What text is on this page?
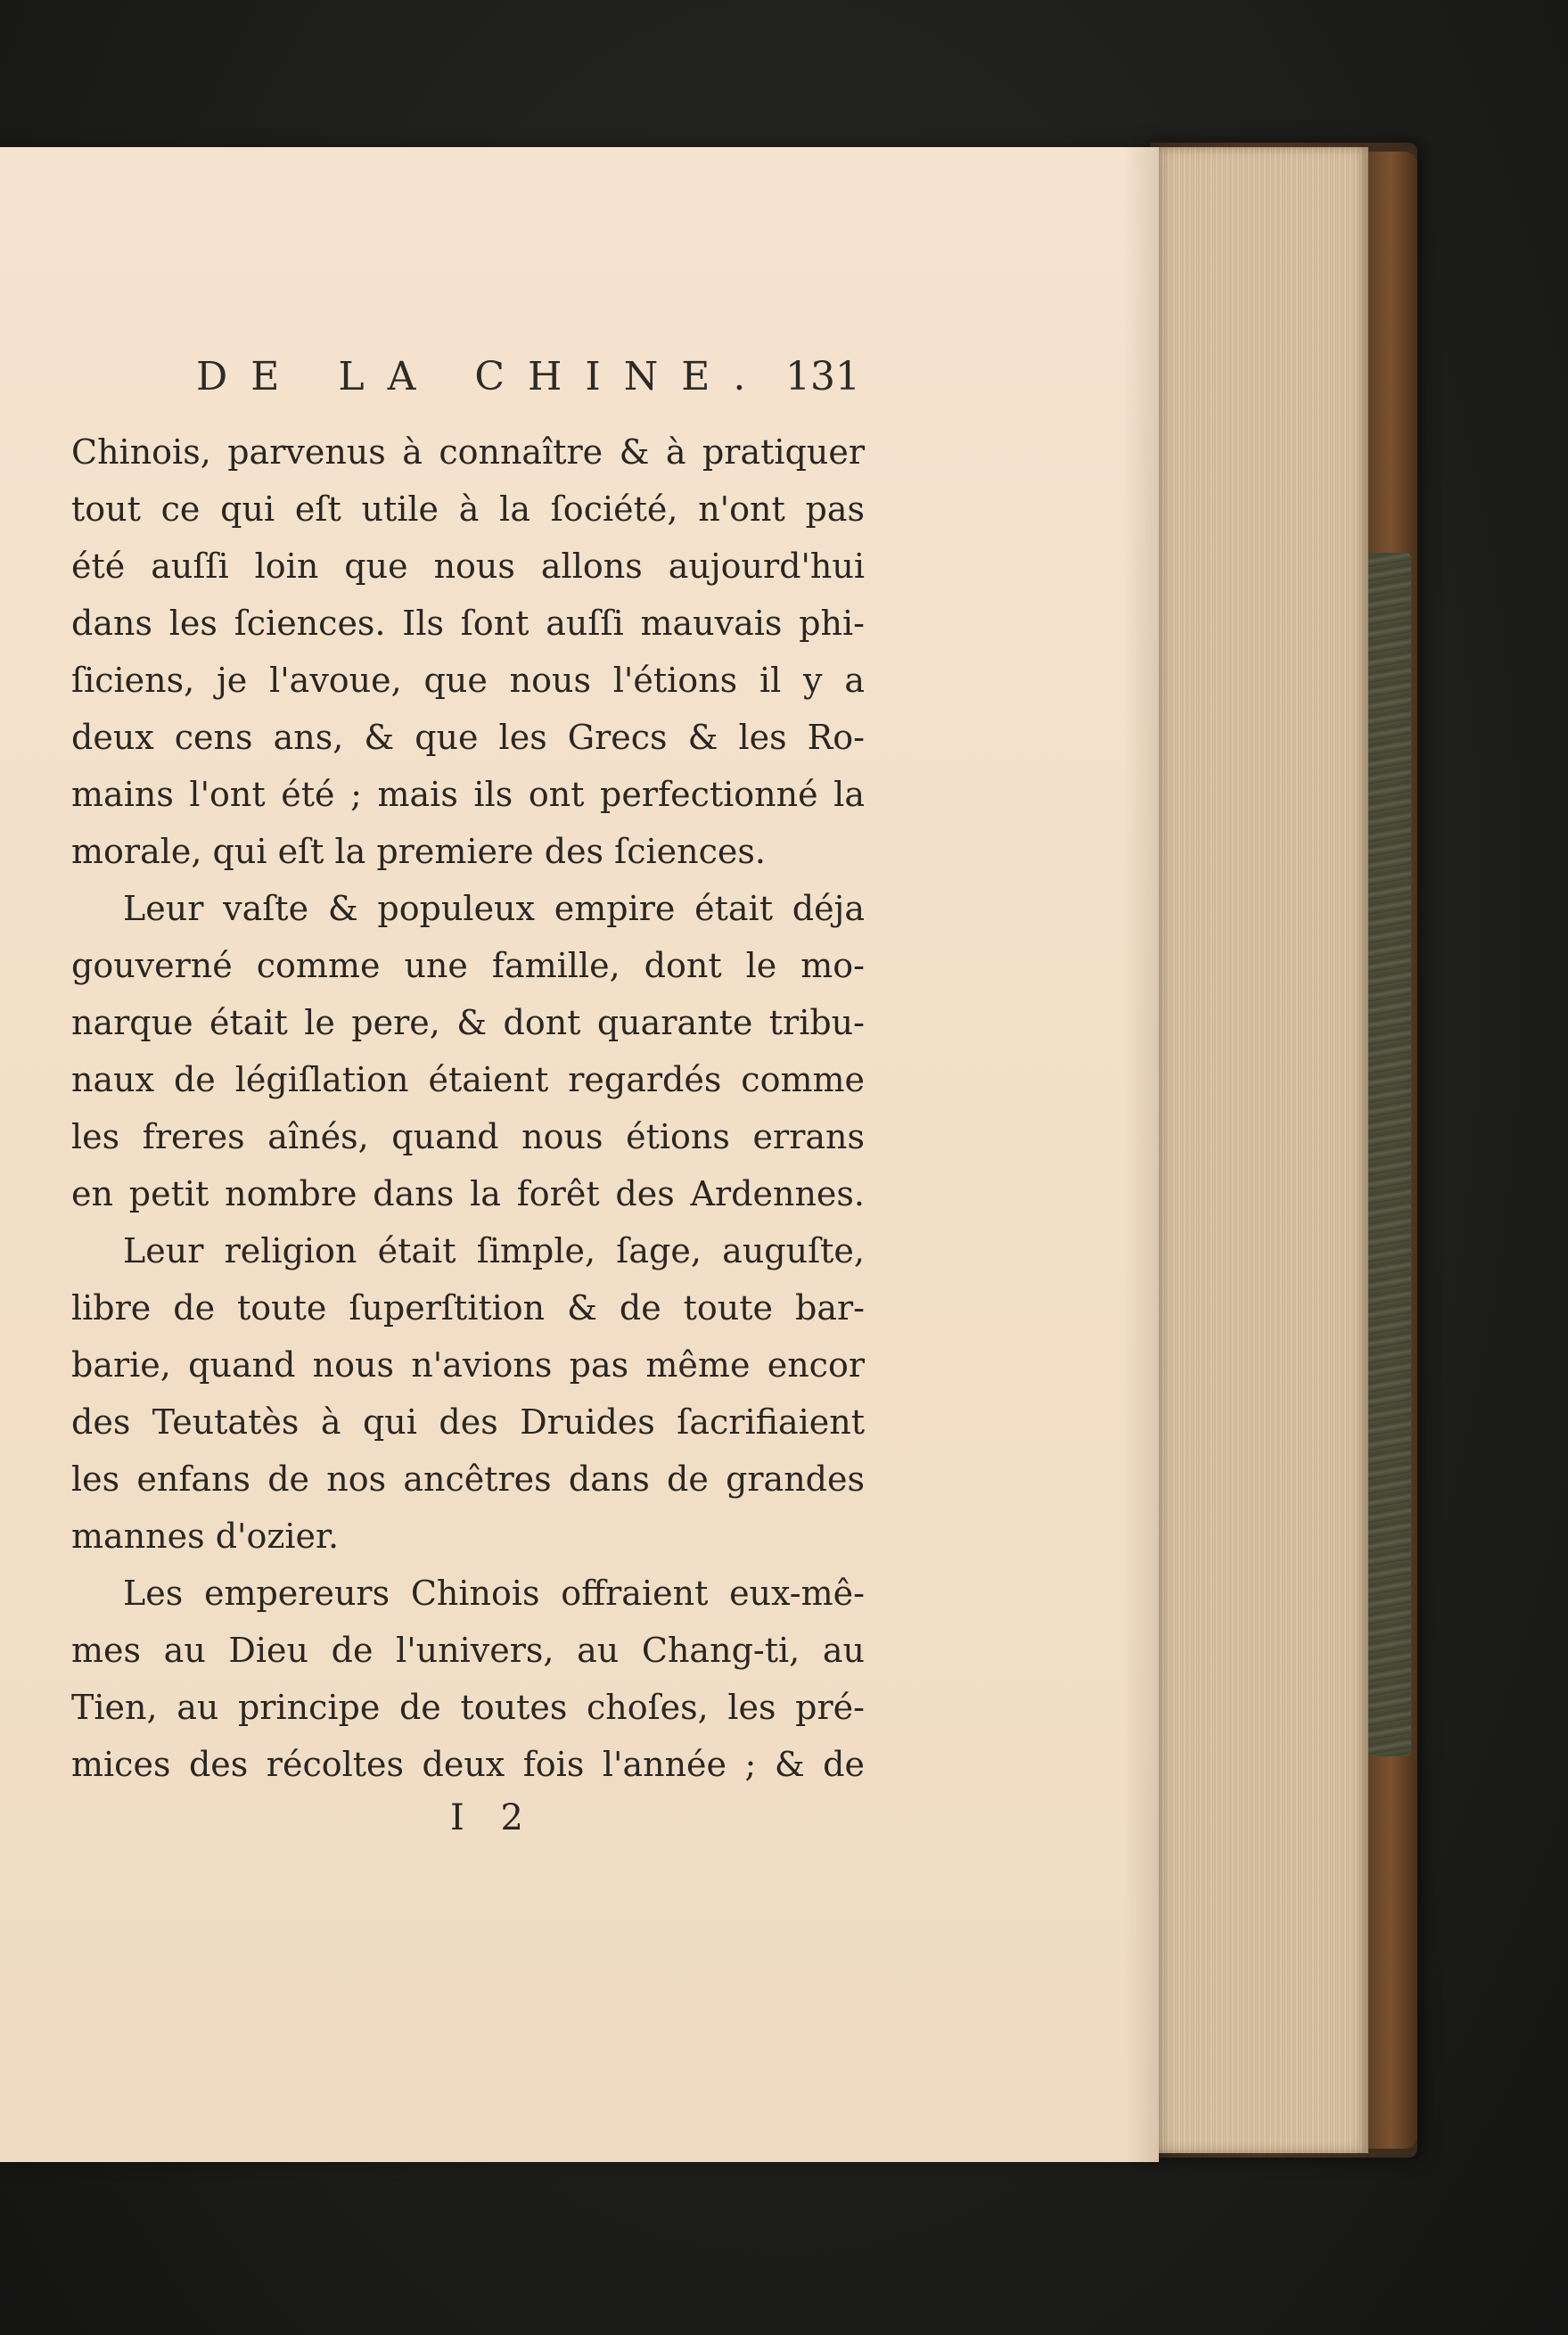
DE LA CHINE. 131
Chinois, parvenus à connaître & à pratiquer
tout ce qui eſt utile à la ſociété, n'ont pas
été auſſi loin que nous allons aujourd'hui
dans les ſciences. Ils ſont auſſi mauvais phi-
ſiciens, je l'avoue, que nous l'étions il y a
deux cens ans, & que les Grecs & les Ro-
mains l'ont été ; mais ils ont perfectionné la
morale, qui eſt la premiere des ſciences.
Leur vaſte & populeux empire était déja
gouverné comme une famille, dont le mo-
narque était le pere, & dont quarante tribu-
naux de légiſlation étaient regardés comme
les freres aînés, quand nous étions errans
en petit nombre dans la forêt des Ardennes.
Leur religion était ſimple, ſage, auguſte,
libre de toute ſuperſtition & de toute bar-
barie, quand nous n'avions pas même encor
des Teutatès à qui des Druides ſacrifiaient
les enfans de nos ancêtres dans de grandes
mannes d'ozier.
Les empereurs Chinois offraient eux-mê-
mes au Dieu de l'univers, au Chang-ti, au
Tien, au principe de toutes choſes, les pré-
mices des récoltes deux fois l'année ; & de
I 2
